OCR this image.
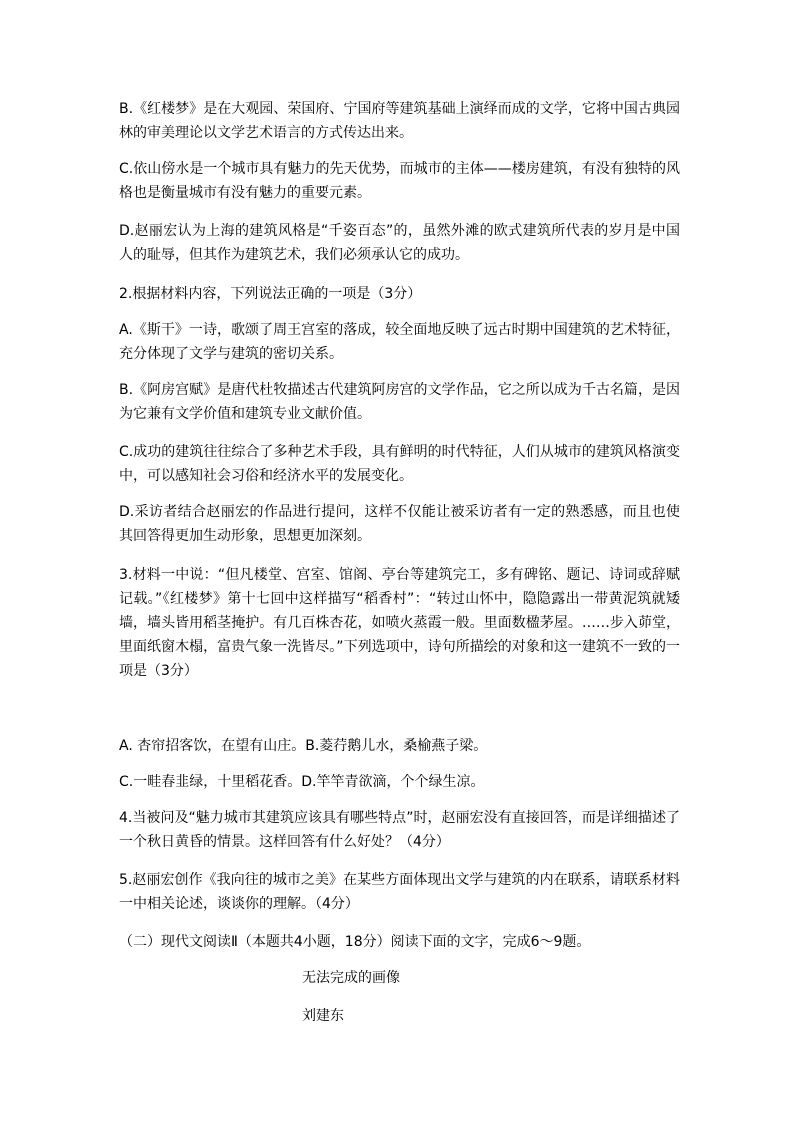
B.《红楼梦》是在大观园、荣国府、宁国府等建筑基础上演绎而成的文学，它将中国古典园林的审美理论以文学艺术语言的方式传达出来。

C.依山傍水是一个城市具有魅力的先天优势，而城市的主体——楼房建筑，有没有独特的风格也是衡量城市有没有魅力的重要元素。

D.赵丽宏认为上海的建筑风格是“千姿百态”的，虽然外滩的欧式建筑所代表的岁月是中国人的耻辱，但其作为建筑艺术，我们必须承认它的成功。

2.根据材料内容，下列说法正确的一项是（3分）

A.《斯干》一诗，歌颂了周王宫室的落成，较全面地反映了远古时期中国建筑的艺术特征，充分体现了文学与建筑的密切关系。

B.《阿房宫赋》是唐代杜牧描述古代建筑阿房宫的文学作品，它之所以成为千古名篇，是因为它兼有文学价值和建筑专业文献价值。

C.成功的建筑往往综合了多种艺术手段，具有鲜明的时代特征，人们从城市的建筑风格演变中，可以感知社会习俗和经济水平的发展变化。

D.采访者结合赵丽宏的作品进行提问，这样不仅能让被采访者有一定的熟悉感，而且也使其回答得更加生动形象，思想更加深刻。

3.材料一中说：“但凡楼堂、宫室、馆阁、亭台等建筑完工，多有碑铭、题记、诗词或辞赋记载。”《红楼梦》第十七回中这样描写“稻香村”：“转过山怀中，隐隐露出一带黄泥筑就矮墙，墙头皆用稻茎掩护。有几百株杏花，如喷火蒸霞一般。里面数楹茅屋。……步入茆堂，里面纸窗木榻，富贵气象一洗皆尽。”下列选项中，诗句所描绘的对象和这一建筑不一致的一项是（3分）

A. 杏帘招客饮，在望有山庄。B.菱荇鹅儿水，桑榆燕子梁。

C.一畦春韭绿，十里稻花香。D.竿竿青欲滴，个个绿生凉。

4.当被问及“魅力城市其建筑应该具有哪些特点”时，赵丽宏没有直接回答，而是详细描述了一个秋日黄昏的情景。这样回答有什么好处？（4分）

5.赵丽宏创作《我向往的城市之美》在某些方面体现出文学与建筑的内在联系，请联系材料一中相关论述，谈谈你的理解。（4分）

（二）现代文阅读Ⅱ（本题共4小题，18分）阅读下面的文字，完成6～9题。

无法完成的画像

刘建东
